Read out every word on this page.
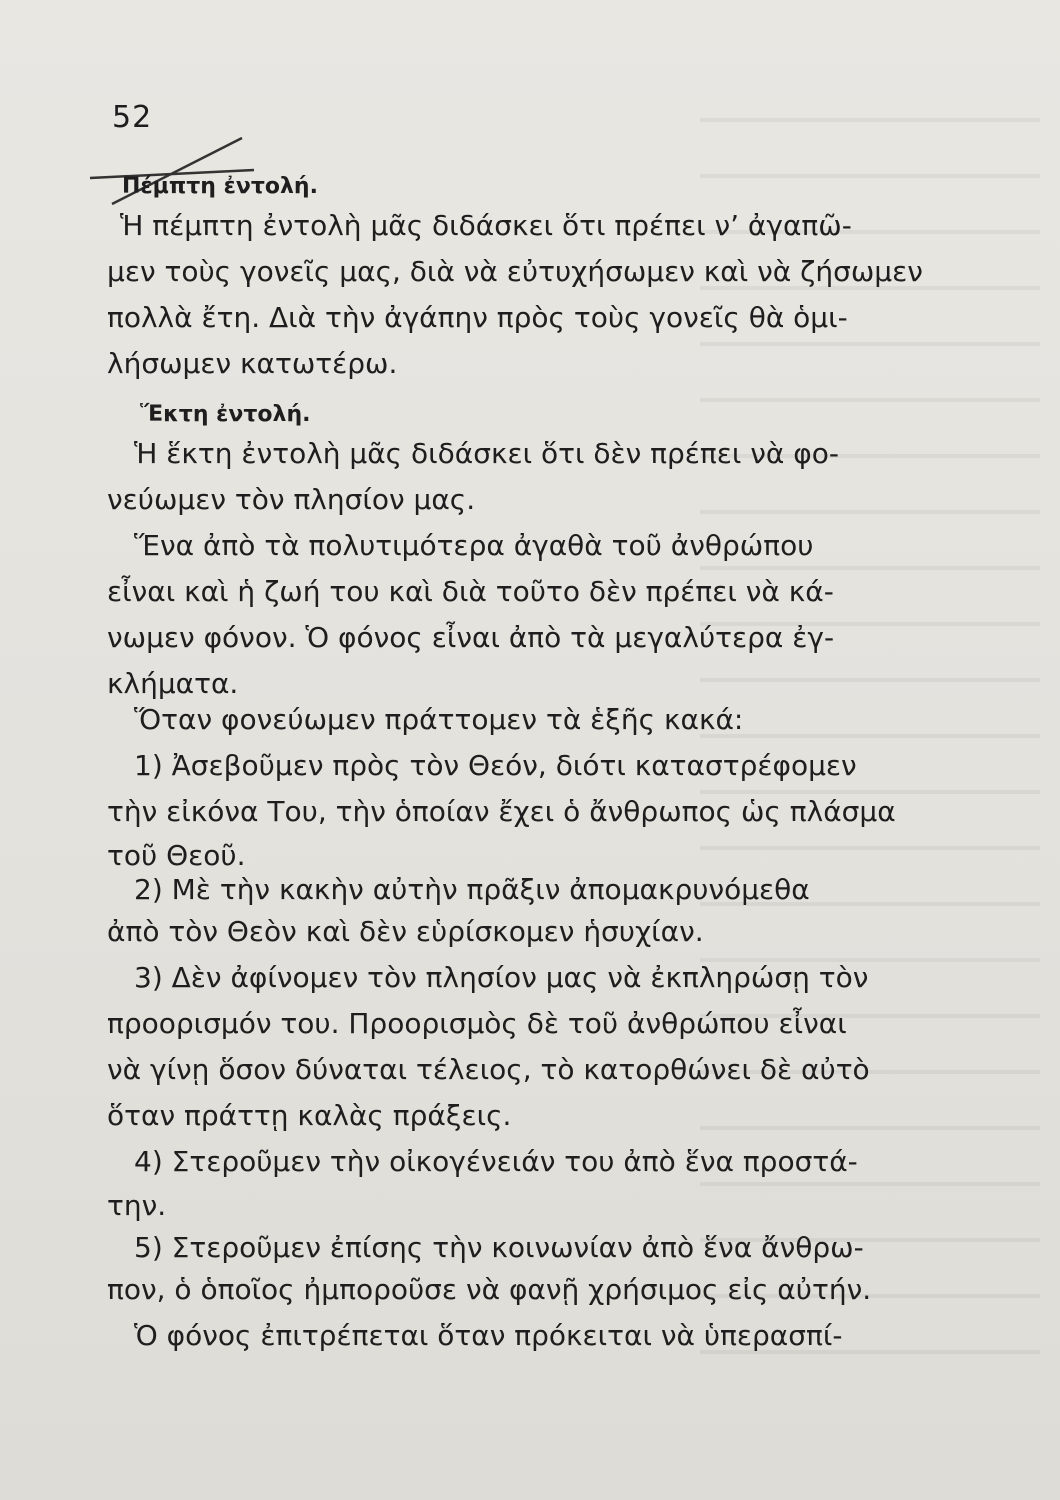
52
Πέμπτη ἐντολή.
Ἡ πέμπτη ἐντολὴ μᾶς διδάσκει ὅτι πρέπει ν’ ἀγαπῶ-
μεν τοὺς γονεῖς μας, διὰ νὰ εὐτυχήσωμεν καὶ νὰ ζήσωμεν
πολλὰ ἔτη. Διὰ τὴν ἀγάπην πρὸς τοὺς γονεῖς θὰ ὁμι-
λήσωμεν κατωτέρω.
Ἕκτη ἐντολή.
Ἡ ἕκτη ἐντολὴ μᾶς διδάσκει ὅτι δὲν πρέπει νὰ φο-
νεύωμεν τὸν πλησίον μας.
Ἕνα ἀπὸ τὰ πολυτιμότερα ἀγαθὰ τοῦ ἀνθρώπου
εἶναι καὶ ἡ ζωή του καὶ διὰ τοῦτο δὲν πρέπει νὰ κά-
νωμεν φόνον. Ὁ φόνος εἶναι ἀπὸ τὰ μεγαλύτερα ἐγ-
κλήματα.
Ὅταν φονεύωμεν πράττομεν τὰ ἑξῆς κακά:
1) Ἀσεβοῦμεν πρὸς τὸν Θεόν, διότι καταστρέφομεν
τὴν εἰκόνα Του, τὴν ὁποίαν ἔχει ὁ ἄνθρωπος ὡς πλάσμα
τοῦ Θεοῦ.
2) Μὲ τὴν κακὴν αὐτὴν πρᾶξιν ἀπομακρυνόμεθα
ἀπὸ τὸν Θεὸν καὶ δὲν εὑρίσκομεν ἡσυχίαν.
3) Δὲν ἀφίνομεν τὸν πλησίον μας νὰ ἐκπληρώσῃ τὸν
προορισμόν του. Προορισμὸς δὲ τοῦ ἀνθρώπου εἶναι
νὰ γίνῃ ὅσον δύναται τέλειος, τὸ κατορθώνει δὲ αὐτὸ
ὅταν πράττῃ καλὰς πράξεις.
4) Στεροῦμεν τὴν οἰκογένειάν του ἀπὸ ἕνα προστά-
την.
5) Στεροῦμεν ἐπίσης τὴν κοινωνίαν ἀπὸ ἕνα ἄνθρω-
πον, ὁ ὁποῖος ἠμποροῦσε νὰ φανῇ χρήσιμος εἰς αὐτήν.
Ὁ φόνος ἐπιτρέπεται ὅταν πρόκειται νὰ ὑπερασπί-
